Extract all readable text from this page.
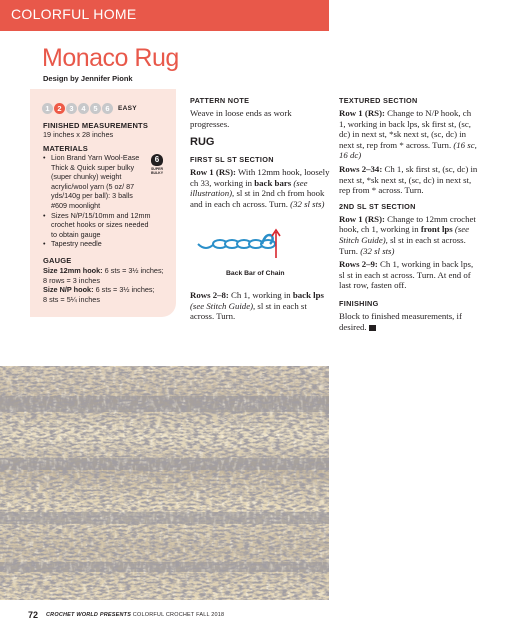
COLORFUL HOME
Monaco Rug
Design by Jennifer Pionk
1	2	3	4	5	6	EASY
FINISHED MEASUREMENTS
19 inches x 28 inches
MATERIALS
• Lion Brand Yarn Wool-Ease Thick & Quick super bulky (super chunky) weight acrylic/wool yarn (5 oz/ 87 yds/140g per ball): 3 balls #609 moonlight
• Sizes N/P/15/10mm and 12mm crochet hooks or sizes needed to obtain gauge
• Tapestry needle
6
SUPER BULKY
GAUGE
Size 12mm hook: 6 sts = 3½ inches;
8 rows = 3 inches
Size N/P hook: 6 sts = 3½ inches;
8 sts = 5¼ inches
PATTERN NOTE
Weave in loose ends as work progresses.
RUG
FIRST SL ST SECTION
Row 1 (RS): With 12mm hook, loosely ch 33, working in back bars (see illustration), sl st in 2nd ch from hook and in each ch across. Turn. (32 sl sts)
Back Bar of Chain
Rows 2–8: Ch 1, working in back lps (see Stitch Guide), sl st in each st across. Turn.
TEXTURED SECTION
Row 1 (RS): Change to N/P hook, ch 1, working in back lps, sk first st, (sc, dc) in next st, *sk next st, (sc, dc) in next st, rep from * across. Turn. (16 sc, 16 dc)
Rows 2–34: Ch 1, sk first st, (sc, dc) in next st, *sk next st, (sc, dc) in next st, rep from * across. Turn.
2ND SL ST SECTION
Row 1 (RS): Change to 12mm crochet hook, ch 1, working in front lps (see Stitch Guide), sl st in each st across. Turn. (32 sl sts)
Rows 2–9: Ch 1, working in back lps, sl st in each st across. Turn. At end of last row, fasten off.
FINISHING
Block to finished measurements, if desired.
72 CROCHET WORLD PRESENTS COLORFUL CROCHET FALL 2018
